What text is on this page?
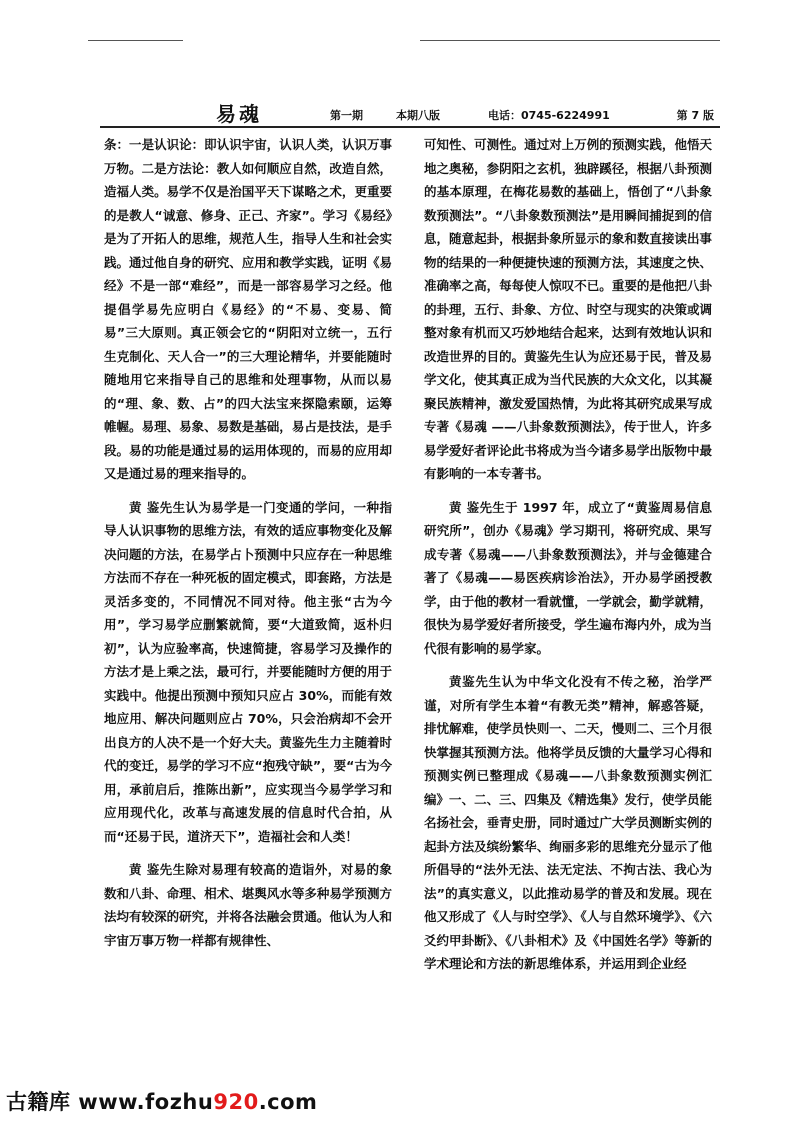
易魂	第一期	本期八版	电话：0745-6224991	第 7 版

条：一是认识论：即认识宇宙，认识人类，认识万事万物。二是方法论：教人如何顺应自然，改造自然，造福人类。易学不仅是治国平天下谋略之术，更重要的是教人“诚意、修身、正己、齐家”。学习《易经》是为了开拓人的思维，规范人生，指导人生和社会实践。通过他自身的研究、应用和教学实践，证明《易经》不是一部“难经”，而是一部容易学习之经。他提倡学易先应明白《易经》的“不易、变易、简易”三大原则。真正领会它的“阴阳对立统一，五行生克制化、天人合一”的三大理论精华，并要能随时随地用它来指导自己的思维和处理事物，从而以易的“理、象、数、占”的四大法宝来探隐索颐，运筹帷幄。易理、易象、易数是基础，易占是技法，是手段。易的功能是通过易的运用体现的，而易的应用却又是通过易的理来指导的。

黄 鉴先生认为易学是一门变通的学问，一种指导人认识事物的思维方法，有效的适应事物变化及解决问题的方法，在易学占卜预测中只应存在一种思维方法而不存在一种死板的固定模式，即套路，方法是灵活多变的，不同情况不同对待。他主张“古为今用”，学习易学应删繁就简，要“大道致简，返朴归初”，认为应验率高，快速简捷，容易学习及操作的方法才是上乘之法，最可行，并要能随时方便的用于实践中。他提出预测中预知只应占 30%，而能有效地应用、解决问题则应占 70%，只会治病却不会开出良方的人决不是一个好大夫。黄鉴先生力主随着时代的变迁，易学的学习不应“抱残守缺”，要“古为今用，承前启后，推陈出新”，应实现当今易学学习和应用现代化，改革与高速发展的信息时代合拍，从而“还易于民，道济天下”，造福社会和人类！

黄 鉴先生除对易理有较高的造诣外，对易的象数和八卦、命理、相术、堪舆风水等多种易学预测方法均有较深的研究，并将各法融会贯通。他认为人和宇宙万事万物一样都有规律性、

可知性、可测性。通过对上万例的预测实践，他悟天地之奥秘，参阴阳之玄机，独辟蹊径，根据八卦预测的基本原理，在梅花易数的基础上，悟创了“八卦象数预测法”。“八卦象数预测法”是用瞬间捕捉到的信息，随意起卦，根据卦象所显示的象和数直接读出事物的结果的一种便捷快速的预测方法，其速度之快、准确率之高，每每使人惊叹不已。重要的是他把八卦的卦理，五行、卦象、方位、时空与现实的决策或调整对象有机而又巧妙地结合起来，达到有效地认识和改造世界的目的。黄鉴先生认为应还易于民，普及易学文化，使其真正成为当代民族的大众文化，以其凝聚民族精神，激发爱国热情，为此将其研究成果写成专著《易魂 ——八卦象数预测法》，传于世人，许多易学爱好者评论此书将成为当今诸多易学出版物中最有影响的一本专著书。

黄 鉴先生于 1997 年，成立了“黄鉴周易信息研究所”，创办《易魂》学习期刊，将研究成、果写成专著《易魂——八卦象数预测法》，并与金德建合著了《易魂——易医疾病诊治法》，开办易学函授教学，由于他的教材一看就懂，一学就会，勤学就精，很快为易学爱好者所接受，学生遍布海内外，成为当代很有影响的易学家。

黄鉴先生认为中华文化没有不传之秘，治学严谨，对所有学生本着“有教无类”精神，解惑答疑，排忧解难，使学员快则一、二天，慢则二、三个月很快掌握其预测方法。他将学员反馈的大量学习心得和预测实例已整理成《易魂——八卦象数预测实例汇编》一、二、三、四集及《精选集》发行，使学员能名扬社会，垂青史册，同时通过广大学员测断实例的起卦方法及缤纷繁华、绚丽多彩的思维充分显示了他所倡导的“法外无法、法无定法、不拘古法、我心为法”的真实意义，以此推动易学的普及和发展。现在他又形成了《人与时空学》、《人与自然环境学》、《六爻约甲卦断》、《八卦相术》及《中国姓名学》等新的学术理论和方法的新思维体系，并运用到企业经

古籍库 www.fozhu920.com
